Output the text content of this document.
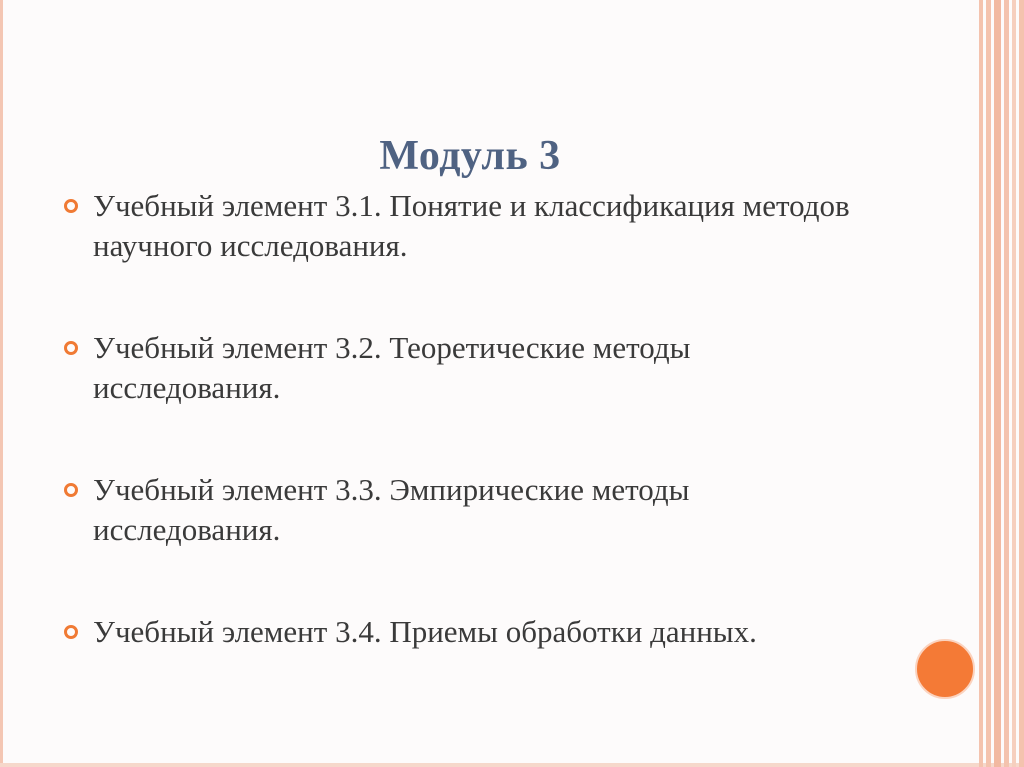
Модуль 3
Учебный элемент 3.1. Понятие и классификация методов научного исследования.
Учебный элемент 3.2. Теоретические методы исследования.
Учебный элемент 3.3. Эмпирические методы исследования.
Учебный элемент 3.4. Приемы обработки данных.
